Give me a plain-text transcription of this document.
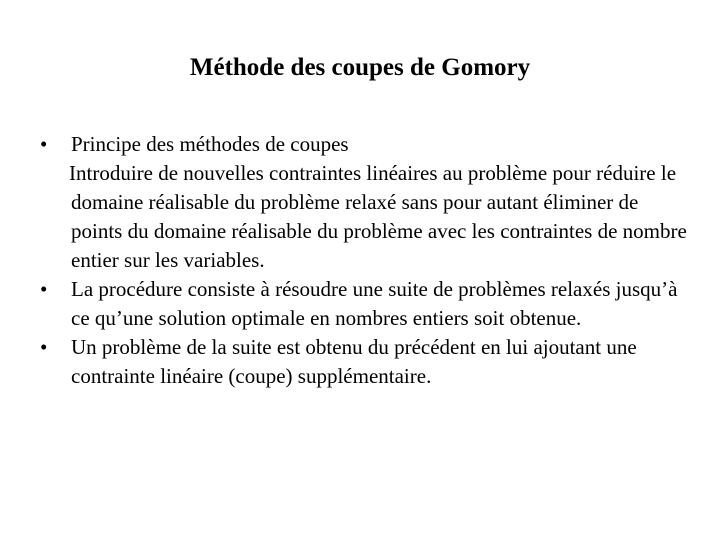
Méthode des coupes de Gomory
•	Principe des méthodes de coupes
Introduire de nouvelles contraintes linéaires au problème pour réduire le domaine réalisable du problème relaxé sans pour autant éliminer de points du domaine réalisable du problème avec les contraintes de nombre entier sur les variables.
•	La procédure consiste à résoudre une suite de problèmes relaxés jusqu’à ce qu’une solution optimale en nombres entiers soit obtenue.
•	Un problème de la suite est obtenu du précédent en lui ajoutant une contrainte linéaire (coupe) supplémentaire.
